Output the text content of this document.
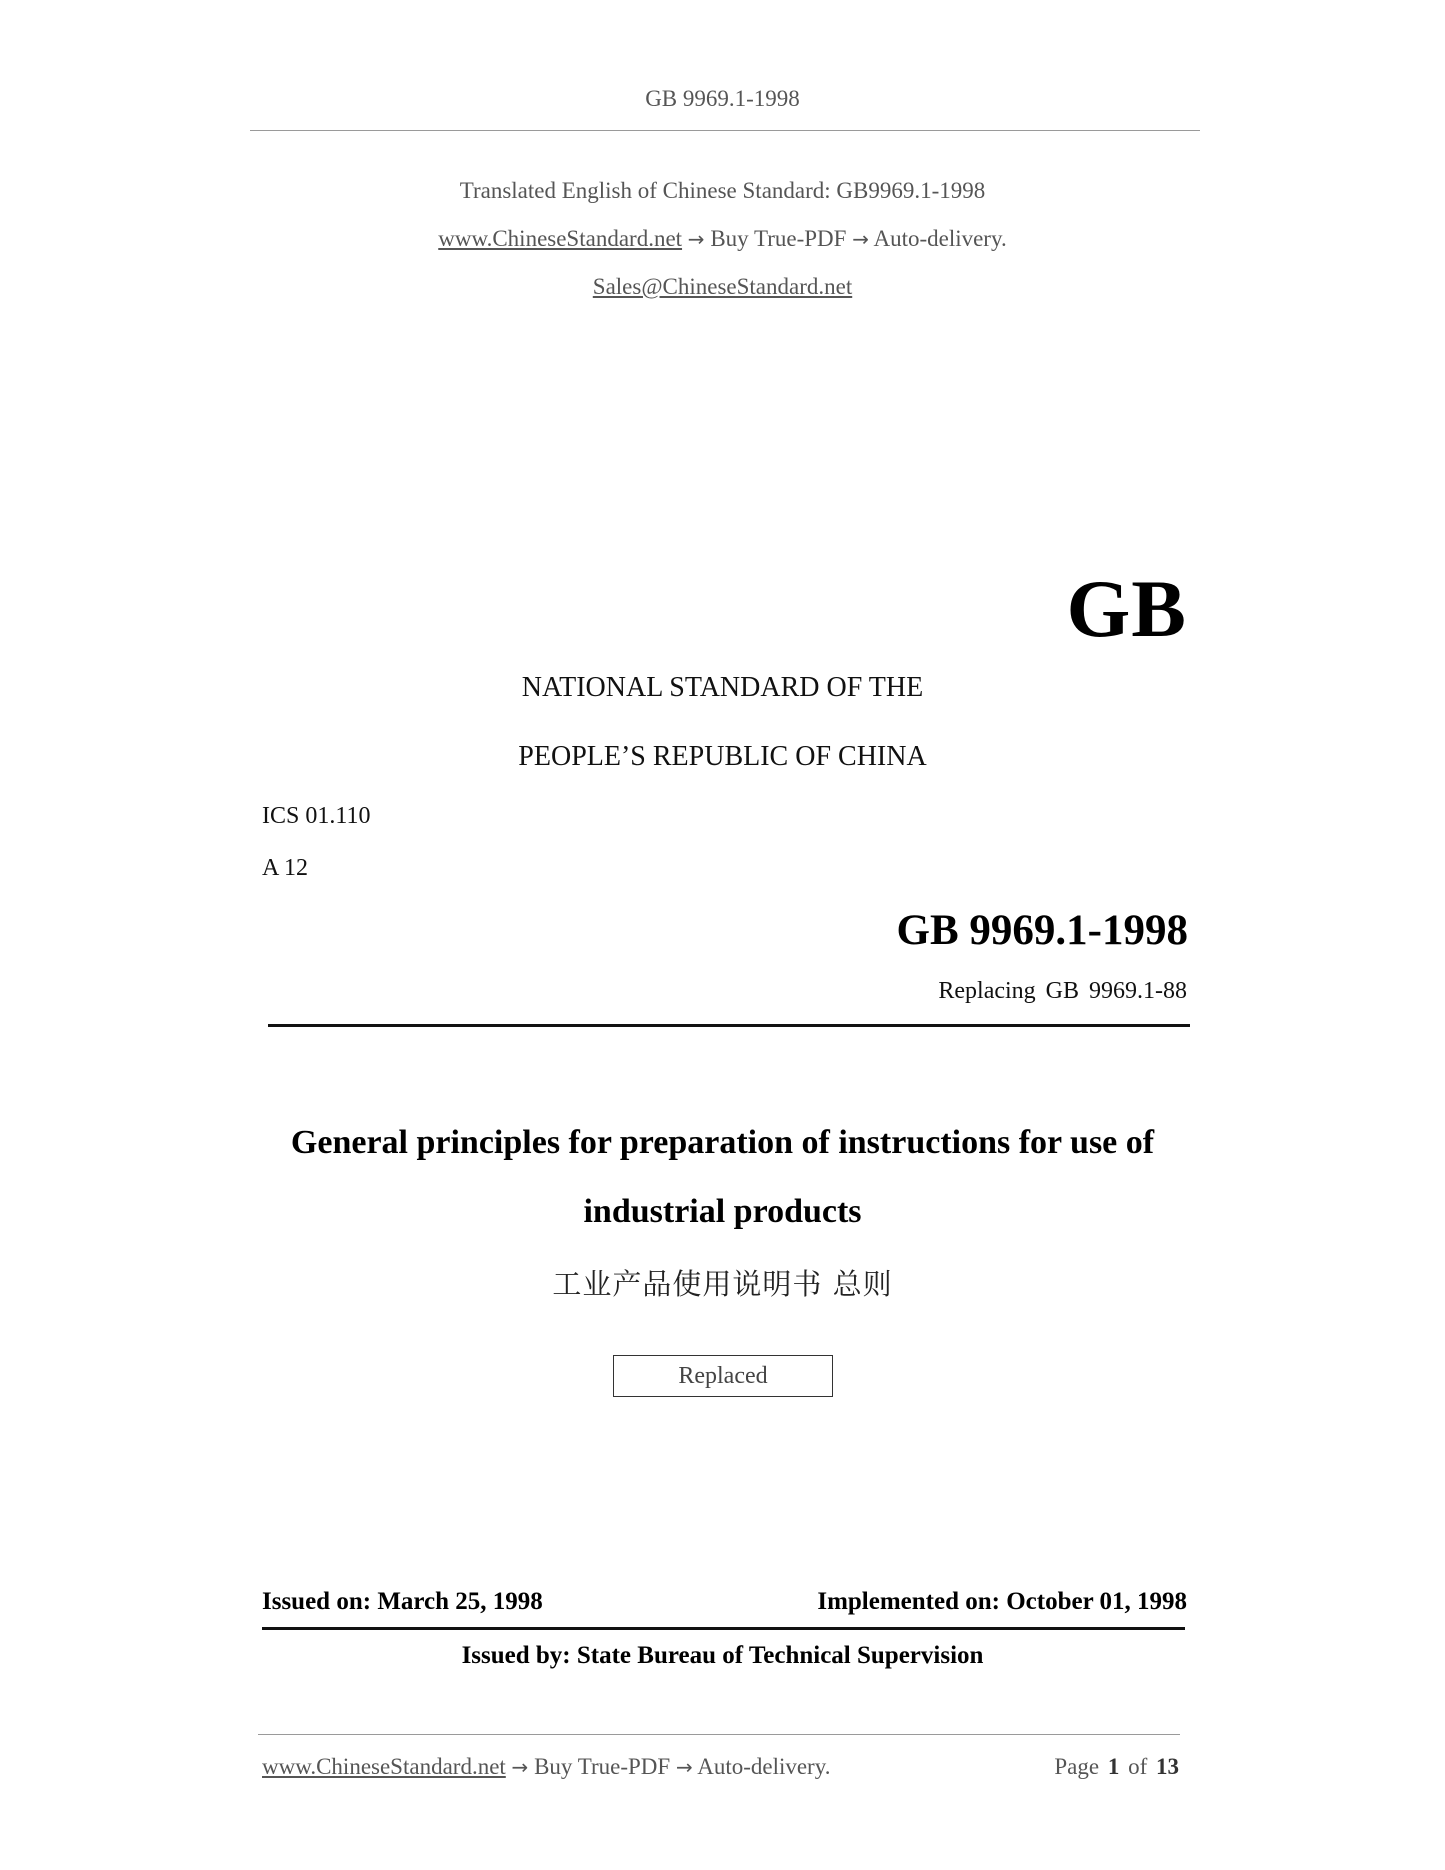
GB 9969.1-1998
Translated English of Chinese Standard: GB9969.1-1998
www.ChineseStandard.net → Buy True-PDF → Auto-delivery.
Sales@ChineseStandard.net
GB
NATIONAL STANDARD OF THE
PEOPLE’S REPUBLIC OF CHINA
ICS 01.110
A 12
GB 9969.1-1998
Replacing GB 9969.1-88
General principles for preparation of instructions for use of industrial products
工业产品使用说明书 总则
Replaced
Issued on: March 25, 1998	Implemented on: October 01, 1998
Issued by: State Bureau of Technical Supervision
www.ChineseStandard.net → Buy True-PDF → Auto-delivery.	Page 1 of 13
